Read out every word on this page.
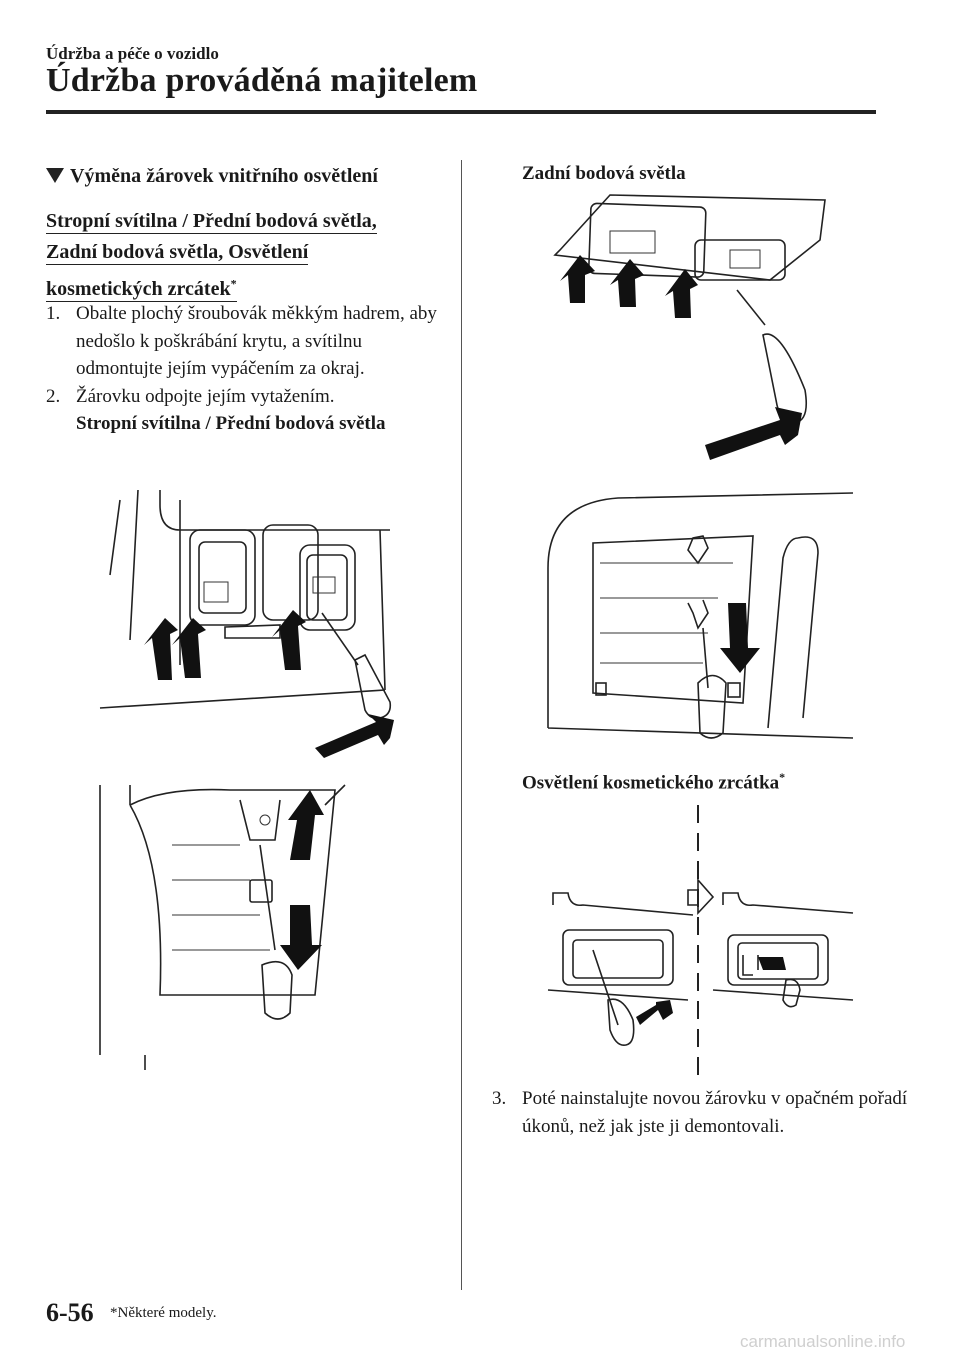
Údržba a péče o vozidlo
Údržba prováděná majitelem
Výměna žárovek vnitřního osvětlení
Stropní svítilna / Přední bodová světla,
Zadní bodová světla, Osvětlení
kosmetických zrcátek*
1. Obalte plochý šroubovák měkkým hadrem, aby nedošlo k poškrábání krytu, a svítilnu odmontujte jejím vypáčením za okraj.
2. Žárovku odpojte jejím vytažením.
Stropní svítilna / Přední bodová světla
Zadní bodová světla
Osvětlení kosmetického zrcátka*
3. Poté nainstalujte novou žárovku v opačném pořadí úkonů, než jak jste ji demontovali.
6-56 *Některé modely.
carmanualsonline.info
